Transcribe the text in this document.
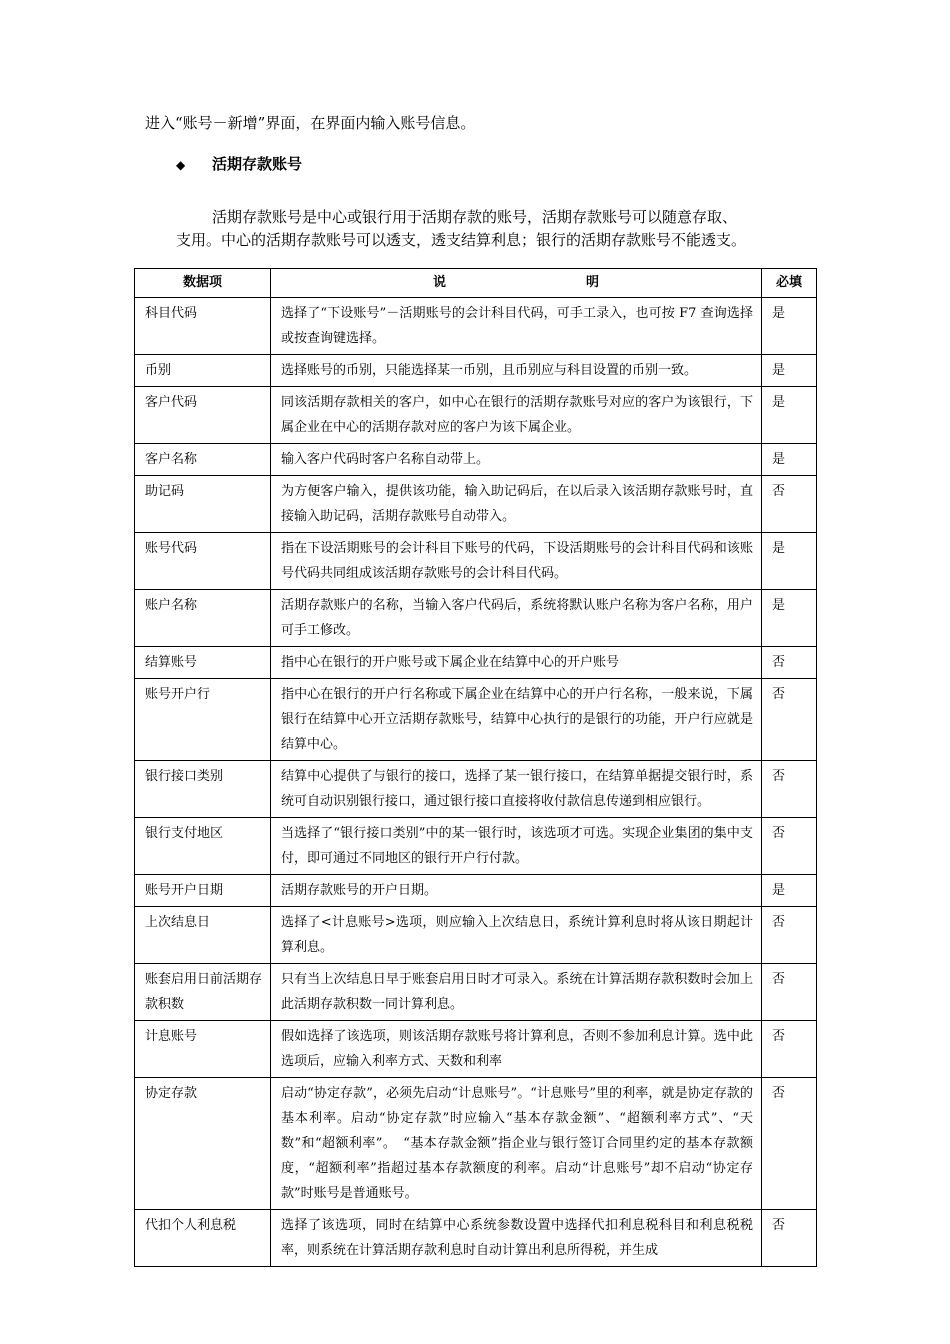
进入“账号－新增”界面，在界面内输入账号信息。
◆ 活期存款账号
活期存款账号是中心或银行用于活期存款的账号，活期存款账号可以随意存取、
支用。中心的活期存款账号可以透支，透支结算利息；银行的活期存款账号不能透支。
数据项	说 明	必填
科目代码	选择了“下设账号”－活期账号的会计科目代码，可手工录入，也可按 F7 查询选择或按查询键选择。	是
币别	选择账号的币别，只能选择某一币别，且币别应与科目设置的币别一致。	是
客户代码	同该活期存款相关的客户，如中心在银行的活期存款账号对应的客户为该银行，下属企业在中心的活期存款对应的客户为该下属企业。	是
客户名称	输入客户代码时客户名称自动带上。	是
助记码	为方便客户输入，提供该功能，输入助记码后，在以后录入该活期存款账号时，直接输入助记码，活期存款账号自动带入。	否
账号代码	指在下设活期账号的会计科目下账号的代码，下设活期账号的会计科目代码和该账号代码共同组成该活期存款账号的会计科目代码。	是
账户名称	活期存款账户的名称，当输入客户代码后，系统将默认账户名称为客户名称，用户可手工修改。	是
结算账号	指中心在银行的开户账号或下属企业在结算中心的开户账号	否
账号开户行	指中心在银行的开户行名称或下属企业在结算中心的开户行名称，一般来说，下属银行在结算中心开立活期存款账号，结算中心执行的是银行的功能，开户行应就是结算中心。	否
银行接口类别	结算中心提供了与银行的接口，选择了某一银行接口，在结算单据提交银行时，系统可自动识别银行接口，通过银行接口直接将收付款信息传递到相应银行。	否
银行支付地区	当选择了“银行接口类别”中的某一银行时，该选项才可选。实现企业集团的集中支付，即可通过不同地区的银行开户行付款。	否
账号开户日期	活期存款账号的开户日期。	是
上次结息日	选择了<计息账号>选项，则应输入上次结息日，系统计算利息时将从该日期起计算利息。	否
账套启用日前活期存款积数	只有当上次结息日早于账套启用日时才可录入。系统在计算活期存款积数时会加上此活期存款积数一同计算利息。	否
计息账号	假如选择了该选项，则该活期存款账号将计算利息，否则不参加利息计算。选中此选项后，应输入利率方式、天数和利率	否
协定存款	启动“协定存款”，必须先启动“计息账号”。“计息账号”里的利率，就是协定存款的基本利率。启动“协定存款”时应输入“基本存款金额”、“超额利率方式”、“天数”和“超额利率”。　“基本存款金额”指企业与银行签订合同里约定的基本存款额度，“超额利率”指超过基本存款额度的利率。启动“计息账号”却不启动“协定存款”时账号是普通账号。	否
代扣个人利息税	选择了该选项，同时在结算中心系统参数设置中选择代扣利息税科目和利息税税率，则系统在计算活期存款利息时自动计算出利息所得税，并生成	否
